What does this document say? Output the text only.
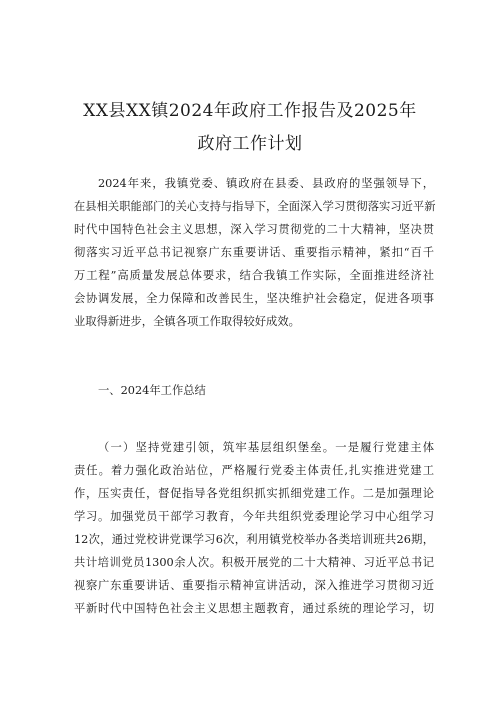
XX县XX镇2024年政府工作报告及2025年
政府工作计划
2024年来，我镇党委、镇政府在县委、县政府的坚强领导下，
在县相关职能部门的关心支持与指导下，全面深入学习贯彻落实习近平新
时代中国特色社会主义思想，深入学习贯彻党的二十大精神，坚决贯
彻落实习近平总书记视察广东重要讲话、重要指示精神，紧扣“百千
万工程”高质量发展总体要求，结合我镇工作实际，全面推进经济社
会协调发展，全力保障和改善民生，坚决维护社会稳定，促进各项事
业取得新进步，全镇各项工作取得较好成效。
一、2024年工作总结
（一）坚持党建引领，筑牢基层组织堡垒。一是履行党建主体
责任。着力强化政治站位，严格履行党委主体责任,扎实推进党建工
作，压实责任，督促指导各党组织抓实抓细党建工作。二是加强理论
学习。加强党员干部学习教育，今年共组织党委理论学习中心组学习
12次，通过党校讲党课学习6次，利用镇党校举办各类培训班共26期，
共计培训党员1300余人次。积极开展党的二十大精神、习近平总书记
视察广东重要讲话、重要指示精神宣讲活动，深入推进学习贯彻习近
平新时代中国特色社会主义思想主题教育，通过系统的理论学习，切
